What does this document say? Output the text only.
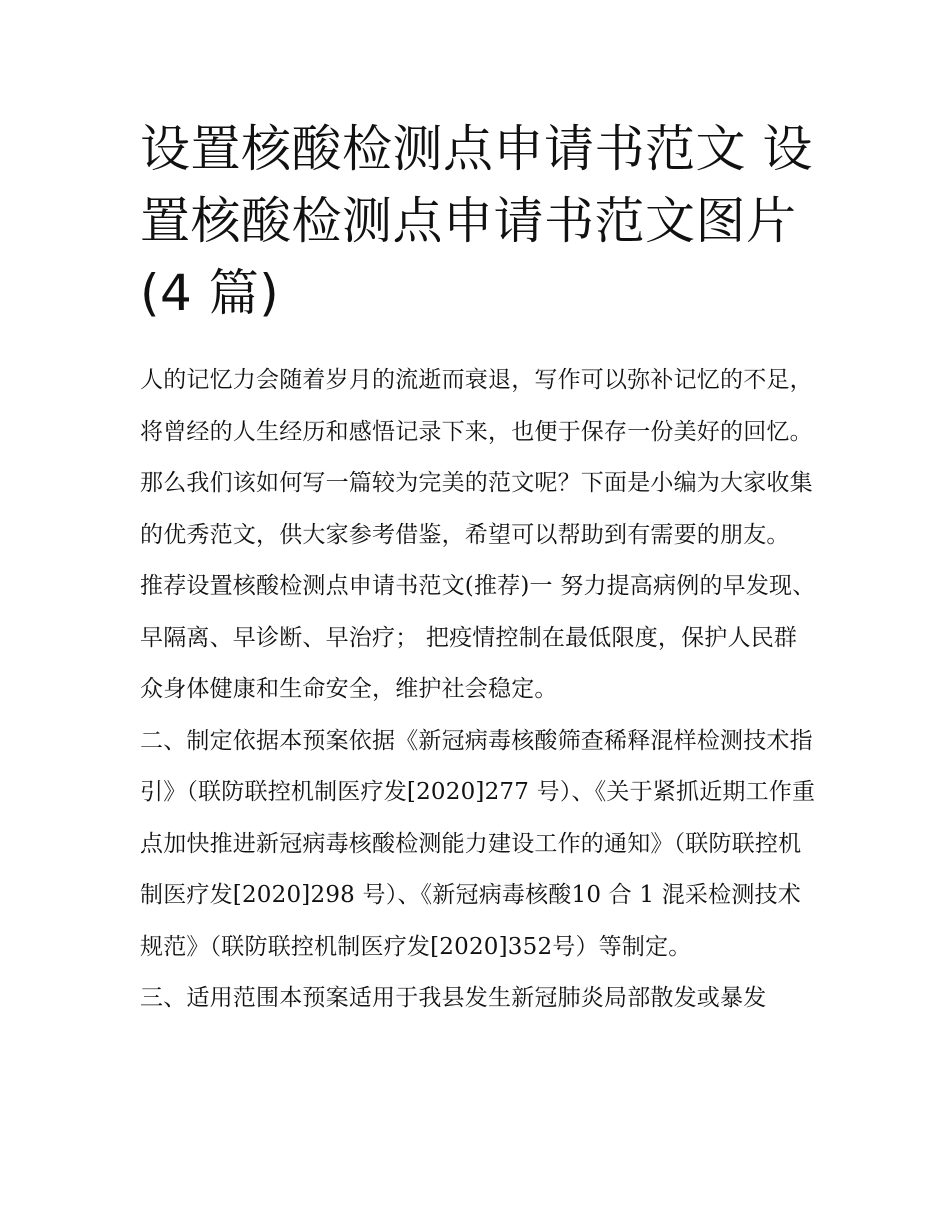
设置核酸检测点申请书范文 设置核酸检测点申请书范文图片(4 篇)

人的记忆力会随着岁月的流逝而衰退，写作可以弥补记忆的不足，将曾经的人生经历和感悟记录下来，也便于保存一份美好的回忆。那么我们该如何写一篇较为完美的范文呢？下面是小编为大家收集的优秀范文，供大家参考借鉴，希望可以帮助到有需要的朋友。

推荐设置核酸检测点申请书范文(推荐)一 努力提高病例的早发现、早隔离、早诊断、早治疗； 把疫情控制在最低限度，保护人民群众身体健康和生命安全，维护社会稳定。

二、制定依据本预案依据《新冠病毒核酸筛查稀释混样检测技术指引》（联防联控机制医疗发[2020]277 号）、《关于紧抓近期工作重点加快推进新冠病毒核酸检测能力建设工作的通知》（联防联控机制医疗发[2020]298 号）、《新冠病毒核酸10 合 1 混采检测技术规范》（联防联控机制医疗发[2020]352号）等制定。

三、适用范围本预案适用于我县发生新冠肺炎局部散发或暴发
